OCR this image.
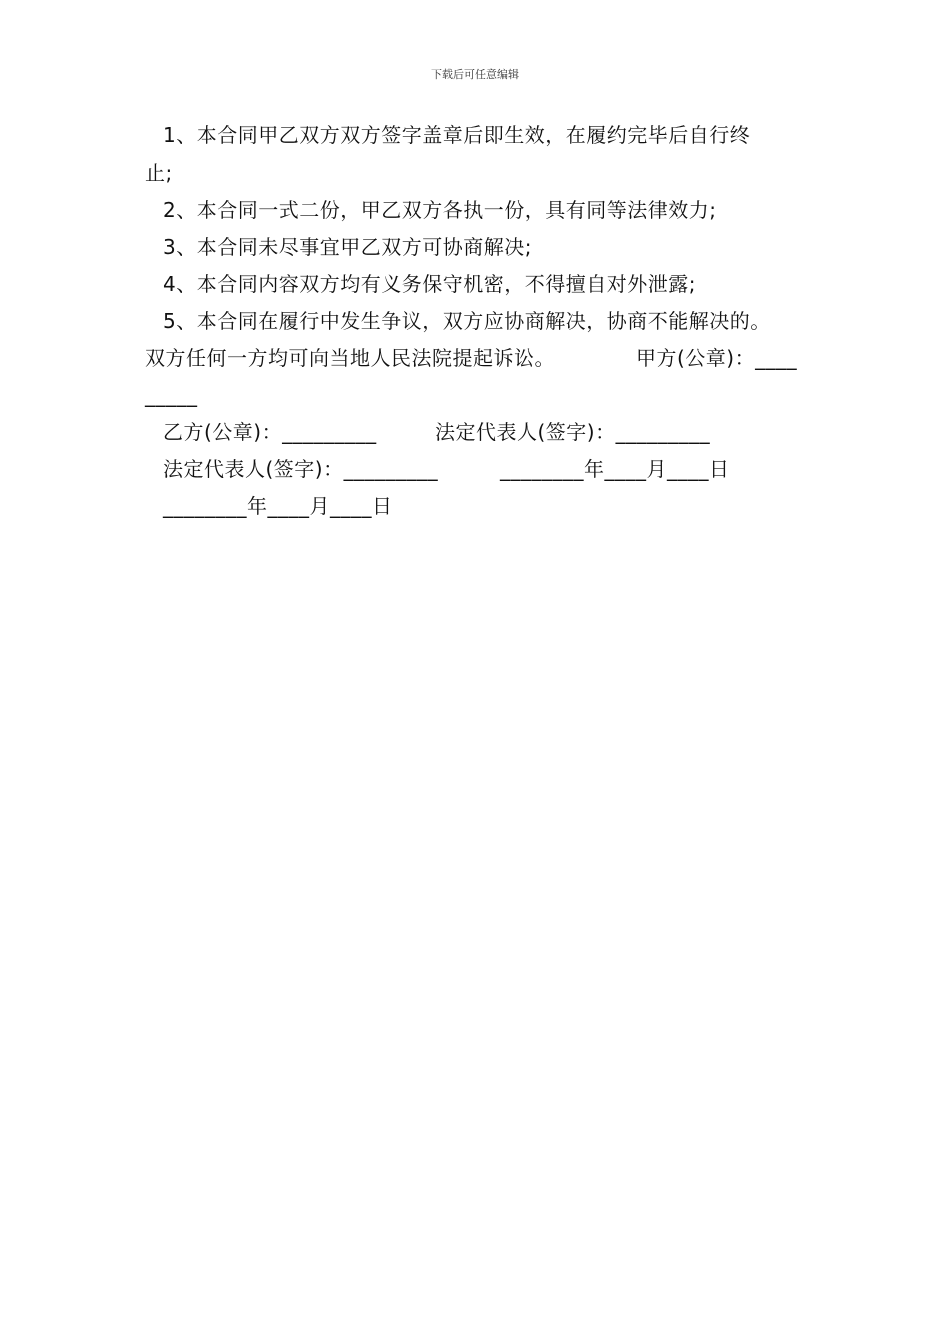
下载后可任意编辑
1、本合同甲乙双方双方签字盖章后即生效，在履约完毕后自行终
止;
2、本合同一式二份，甲乙双方各执一份，具有同等法律效力;
3、本合同未尽事宜甲乙双方可协商解决;
4、本合同内容双方均有义务保守机密，不得擅自对外泄露;
5、本合同在履行中发生争议，双方应协商解决，协商不能解决的。
双方任何一方均可向当地人民法院提起诉讼。	甲方(公章)：____
_____
乙方(公章)：_________	法定代表人(签字)：_________
法定代表人(签字)：_________	________年____月____日
________年____月____日
